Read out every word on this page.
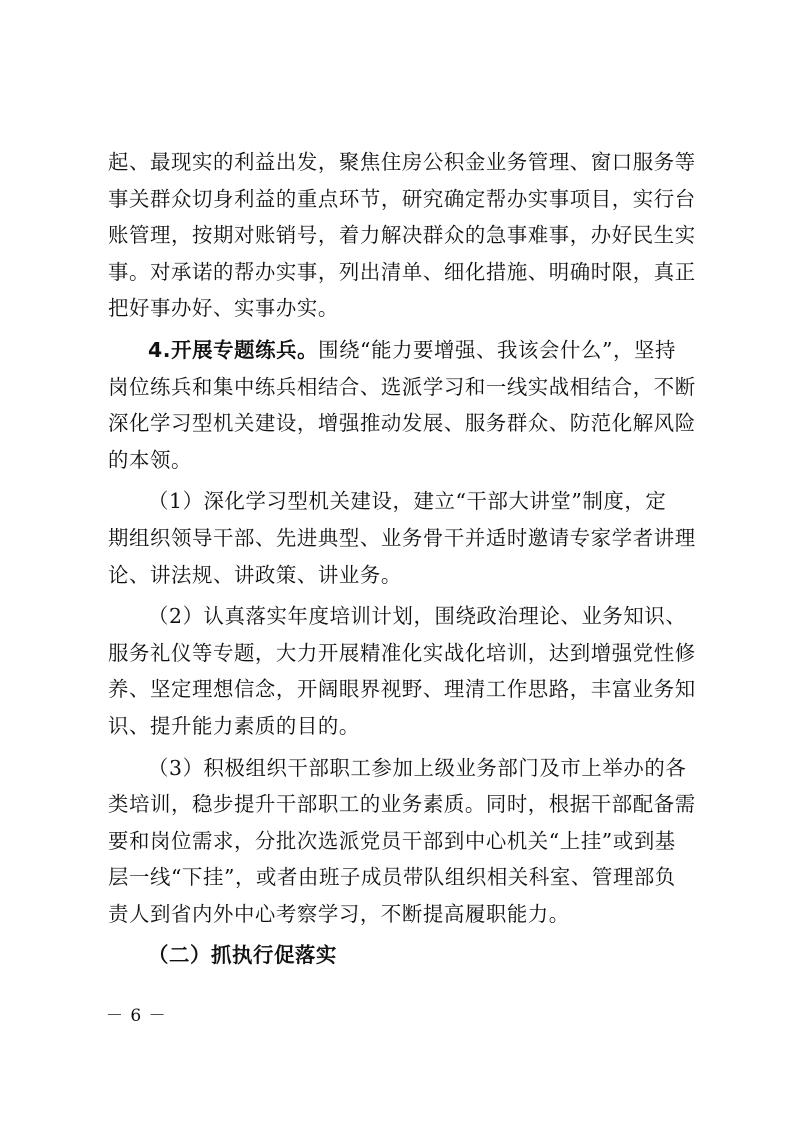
起、最现实的利益出发，聚焦住房公积金业务管理、窗口服务等
事关群众切身利益的重点环节，研究确定帮办实事项目，实行台
账管理，按期对账销号，着力解决群众的急事难事，办好民生实
事。对承诺的帮办实事，列出清单、细化措施、明确时限，真正
把好事办好、实事办实。
4.开展专题练兵。围绕“能力要增强、我该会什么”，坚持
岗位练兵和集中练兵相结合、选派学习和一线实战相结合，不断
深化学习型机关建设，增强推动发展、服务群众、防范化解风险
的本领。
（1）深化学习型机关建设，建立“干部大讲堂”制度，定
期组织领导干部、先进典型、业务骨干并适时邀请专家学者讲理
论、讲法规、讲政策、讲业务。
（2）认真落实年度培训计划，围绕政治理论、业务知识、
服务礼仪等专题，大力开展精准化实战化培训，达到增强党性修
养、坚定理想信念，开阔眼界视野、理清工作思路，丰富业务知
识、提升能力素质的目的。
（3）积极组织干部职工参加上级业务部门及市上举办的各
类培训，稳步提升干部职工的业务素质。同时，根据干部配备需
要和岗位需求，分批次选派党员干部到中心机关“上挂”或到基
层一线“下挂”，或者由班子成员带队组织相关科室、管理部负
责人到省内外中心考察学习，不断提高履职能力。
（二）抓执行促落实
－ 6 －
